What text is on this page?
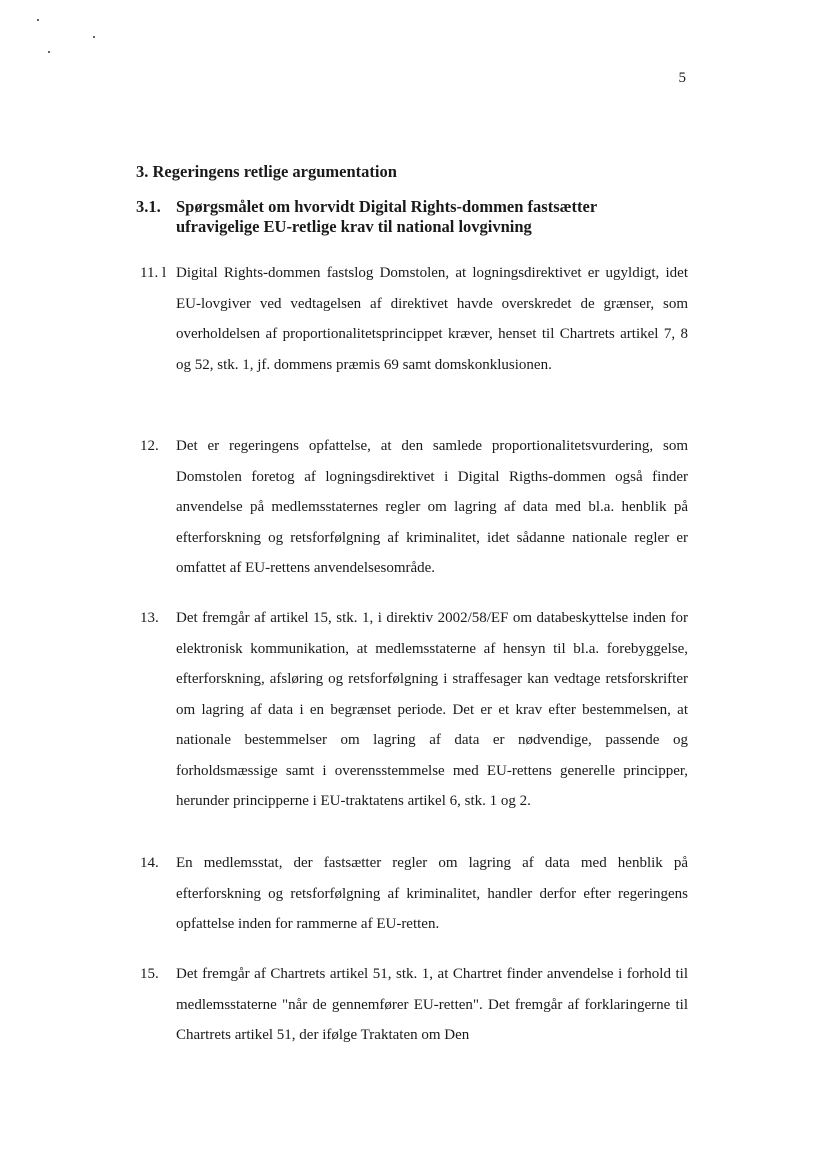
5
3. Regeringens retlige argumentation
3.1. Spørgsmålet om hvorvidt Digital Rights-dommen fastsætter ufravigelige EU-retlige krav til national lovgivning
11. l Digital Rights-dommen fastslog Domstolen, at logningsdirektivet er ugyldigt, idet EU-lovgiver ved vedtagelsen af direktivet havde overskredet de grænser, som overholdelsen af proportionalitetsprincippet kræver, henset til Chartrets artikel 7, 8 og 52, stk. 1, jf. dommens præmis 69 samt domskonklusionen.
12.	Det er regeringens opfattelse, at den samlede proportionalitetsvurdering, som Domstolen foretog af logningsdirektivet i Digital Rigths-dommen også finder anvendelse på medlemsstaternes regler om lagring af data med bl.a. henblik på efterforskning og retsforfølgning af kriminalitet, idet sådanne nationale regler er omfattet af EU-rettens anvendelsesområde.
13.	Det fremgår af artikel 15, stk. 1, i direktiv 2002/58/EF om databeskyttelse inden for elektronisk kommunikation, at medlemsstaterne af hensyn til bl.a. forebyggelse, efterforskning, afsløring og retsforfølgning i straffesager kan vedtage retsforskrifter om lagring af data i en begrænset periode. Det er et krav efter bestemmelsen, at nationale bestemmelser om lagring af data er nødvendige, passende og forholdsmæssige samt i overensstemmelse med EU-rettens generelle principper, herunder principperne i EU-traktatens artikel 6, stk. 1 og 2.
14.	En medlemsstat, der fastsætter regler om lagring af data med henblik på efterforskning og retsforfølgning af kriminalitet, handler derfor efter regeringens opfattelse inden for rammerne af EU-retten.
15.	Det fremgår af Chartrets artikel 51, stk. 1, at Chartret finder anvendelse i forhold til medlemsstaterne "når de gennemfører EU-retten". Det fremgår af forklaringerne til Chartrets artikel 51, der ifølge Traktaten om Den
